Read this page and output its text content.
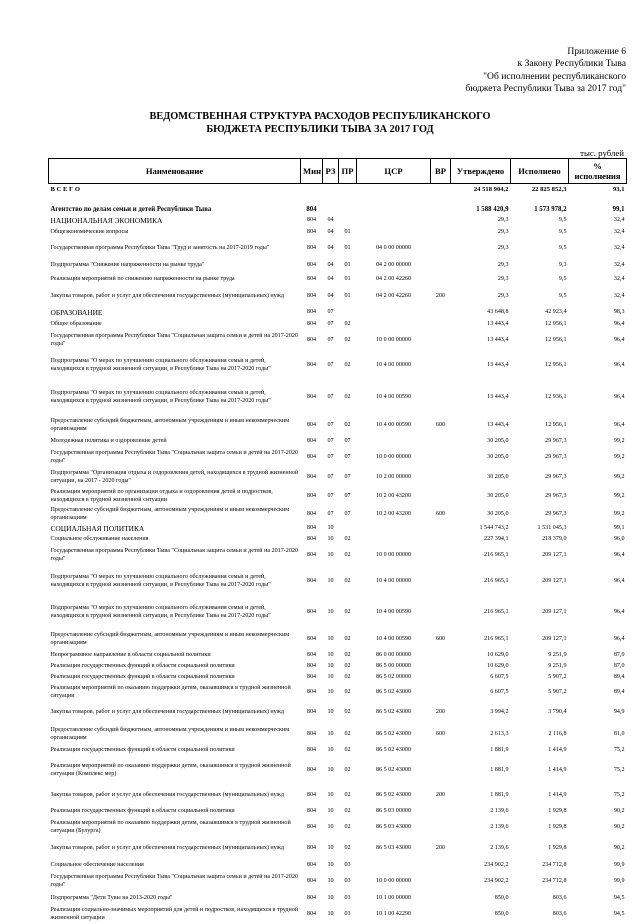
Приложение 6
к Закону Республики Тыва
"Об исполнении республиканского
бюджета Республики Тыва за 2017 год"
ВЕДОМСТВЕННАЯ СТРУКТУРА РАСХОДОВ РЕСПУБЛИКАНСКОГО
БЮДЖЕТА РЕСПУБЛИКИ ТЫВА ЗА 2017 ГОД
тыс. рублей
Наименование	Мин	РЗ	ПР	ЦСР	ВР	Утверждено	Исполнено	% исполнения
В С Е Г О						24 518 904,2	22 825 852,3	93,1

Агентство по делам семьи и детей Республики Тыва	804					1 588 420,9	1 573 978,2	99,1
НАЦИОНАЛЬНАЯ ЭКОНОМИКА	804	04				29,3	9,5	32,4
Общеэкономические вопросы	804	04	01			29,3	9,5	32,4
Государственная программа Республики Тыва "Труд и занятость на 2017-2019 годы"	804	04	01	04 0 00 00000		29,3	9,5	32,4
Подпрограмма "Снижение напряженности на рынке труда"	804	04	01	04 2 00 00000		29,3	9,3	32,4
Реализация мероприятий по снижению напряженности на рынке труда	804	04	01	04 2 00 42260		29,3	9,5	32,4
Закупка товаров, работ и услуг для обеспечения государственных (муниципальных) нужд	804	04	01	04 2 00 42260	200	29,3	9,5	32,4
ОБРАЗОВАНИЕ	804	07				43 648,8	42 923,4	98,3
Общее образование	804	07	02			13 443,4	12 956,1	96,4
Государственная программа Республики Тыва "Социальная защита семьи и детей на 2017-2020 годы"	804	07	02	10 0 00 00000		13 443,4	12 956,1	96,4
Подпрограмма "О мерах по улучшению социального обслуживания семьи и детей, находящихся в трудной жизненной ситуации, в Республике Тыва на 2017-2020 годы"	804	07	02	10 4 00 00000		13 443,4	12 956,1	96,4
Подпрограмма "О мерах по улучшению социального обслуживания семьи и детей, находящихся в трудной жизненной ситуации, в Республике Тыва на 2017-2020 годы"	804	07	02	10 4 00 00590		13 443,4	12 936,1	96,4
Предоставление субсидий бюджетным, автономным учреждениям и иным некоммерческим организациям	804	07	02	10 4 00 00590	600	13 443,4	12 956,1	96,4
Молодежная политика и оздоровление детей	804	07	07			30 205,0	29 967,3	99,2
Государственная программа Республики Тыва "Социальная защита семьи и детей на 2017-2020 годы"	804	07	07	10 0 00 00000		30 205,0	29 967,3	99,2
Подпрограмма "Организация отдыха и оздоровления детей, находящихся в трудной жизненной ситуации, на 2017 - 2020 годы"	804	07	07	10 2 00 00000		30 205,0	29 967,3	99,2
Реализация мероприятий по организации отдыха и оздоровления детей и подростков, находящихся в трудной жизненной ситуации	804	07	07	10 2 00 43200		30 205,0	29 967,3	99,2
Предоставление субсидий бюджетным, автономным учреждениям и иным некоммерческим организациям	804	07	07	10 2 00 43200	600	30 205,0	29 967,3	99,2
СОЦИАЛЬНАЯ ПОЛИТИКА	804	10				1 544 743,2	1 531 045,3	99,1
Социальное обслуживание населения	804	10	02			227 394,1	218 379,0	96,0
Государственная программа Республики Тыва "Социальная защита семьи и детей на 2017-2020 годы"	804	10	02	10 0 00 00000		216 965,1	209 127,1	96,4
Подпрограмма "О мерах по улучшению социального обслуживания семьи и детей, находящихся в трудной жизненной ситуации, в Республике Тыва на 2017-2020 годы"	804	10	02	10 4 00 00000		216 965,1	209 127,1	96,4
Подпрограмма "О мерах по улучшению социального обслуживания семьи и детей, находящихся в трудной жизненной ситуации, в Республике Тыва на 2017-2020 годы"	804	10	02	10 4 00 00590		216 965,1	209 127,1	96,4
Предоставление субсидий бюджетным, автономным учреждениям и иным некоммерческим организациям	804	10	02	10 4 00 00590	600	216 965,1	209 127,1	96,4
Непрограммное направление в области социальной политики	804	10	02	86 0 00 00000		10 629,0	9 251,9	87,0
Реализация государственных функций в области социальной политики	804	10	02	86 5 00 00000		10 629,0	9 251,9	87,0
Реализация государственных функций в области социальной политики	804	10	02	86 5 02 00000		6 607,5	5 907,2	89,4
Реализация мероприятий по оказанию поддержки детям, оказавшимся в трудной жизненной ситуации	804	10	02	86 5 02 43000		6 607,5	5 907,2	89,4
Закупка товаров, работ и услуг для обеспечения государственных (муниципальных) нужд	804	10	02	86 5 02 43000	200	3 994,2	3 790,4	94,9
Предоставление субсидий бюджетным, автономным учреждениям и иным некоммерческим организациям	804	10	02	86 5 02 43000	600	2 613,3	2 116,8	81,0
Реализация государственных функций в области социальной политики	804	10	02	86 5 02 43000		1 881,9	1 414,9	75,2
Реализация мероприятий по оказанию поддержки детям, оказавшимся в трудной жизненной ситуации (Комплекс мер)	804	10	02	86 5 02 43000		1 881,9	1 414,9	75,2
Закупка товаров, работ и услуг для обеспечения государственных (муниципальных) нужд	804	10	02	86 5 02 43000	200	1 881,9	1 414,9	75,2
Реализация государственных функций в области социальной политики	804	10	02	86 5 03 00000		2 139,6	1 929,8	90,2
Реализация мероприятий по оказанию поддержки детям, оказавшимся в трудной жизненной ситуации (Булурга)	804	10	02	86 5 03 43000		2 139,6	1 929,8	90,2
Закупка товаров, работ и услуг для обеспечения государственных (муниципальных) нужд	804	10	02	86 5 03 43000	200	2 139,6	1 929,8	90,2
Социальное обеспечение населения	804	10	03			234 902,2	234 712,8	99,9
Государственная программа Республики Тыва "Социальная защита семьи и детей на 2017-2020 годы"	804	10	03	10 0 00 00000		234 902,2	234 712,8	99,9
Подпрограмма "Дети Тувы на 2013-2020 годы"	804	10	03	10 1 00 00000		850,0	803,6	94,5
Реализация социально-значимых мероприятий для детей и подростков, находящихся в трудной жизненной ситуации	804	10	03	10 1 00 42290		850,0	803,6	94,5
